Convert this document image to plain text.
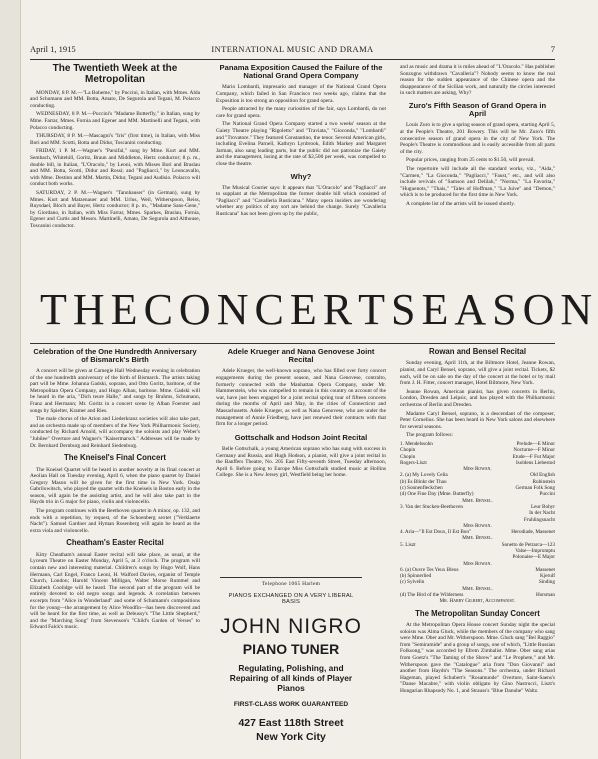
April 1, 1915	INTERNATIONAL MUSIC AND DRAMA	7
The Twentieth Week at the Metropolitan

MONDAY, 8 P. M.—"La Boheme," by Puccini, in Italian, with Mmes. Alda and Schumann and MM. Botta, Amato, De Segurola and Tegani, M. Polacco conducting.

WEDNESDAY, 8 P. M.—Puccini's "Madame Butterfly," in Italian, sung by Mme. Farrar, Mmes. Fornia and Egener and MM. Martinelli and Tegani, with Polacco conducting.

THURSDAY, 8 P. M.—Mascagni's "Iris" (first time), in Italian, with Miss Bori and MM. Scotti, Botta and Didur, Toscanini conducting.

FRIDAY, 1 P. M.—Wagner's "Parsifal," sung by Mme. Kurt and MM. Sembach, Whitehill, Goritz, Braun and Middleton, Hertz conductor; 8 p. m., double bill, in Italian, "L'Oracolo," by Leoni, with Misses Bori and Braslau and MM. Botta, Scotti, Didur and Rossi; and "Pagliacci," by Leoncavallo, with Mme. Destinn and MM. Martin, Didur, Tegani and Audisio. Polacco will conduct both works.

SATURDAY, 2 P. M.—Wagner's "Tannhauser" (in German), sung by Mmes. Kurt and Matzenauer and MM. Urlus, Weil, Witherspoon, Reiss, Ruysdael, Bloch and Bayer, Hertz conductor; 8 p. m., "Madame Sans-Gene," by Giordano, in Italian, with Miss Farrar, Mmes. Sparkes, Braslau, Fornia, Egener and Curtis and Messrs. Martinelli, Amato, De Segurola and Althouse, Toscanini conductor.

Panama Exposition Caused the Failure of the National Grand Opera Company

Mario Lombardi, impresario and manager of the National Grand Opera Company, which failed in San Francisco two weeks ago, claims that the Exposition is too strong an opposition for grand opera.

People attracted by the many curiosities of the fair, says Lombardi, do not care for grand opera.

The National Grand Opera Company started a two weeks' season at the Gaiety Theatre playing "Rigoletto" and "Traviata," "Gioconda," "Lombardi" and "Trovatore." They featured Constantino, the tenor. Several American girls, including Evelina Parnell, Kathryn Lynbrook, Edith Markey and Margaret Jarman, also sang leading parts, but the public did not patronize the Gaiety and the management, losing at the rate of $2,500 per week, was compelled to close the theatre.

Why?

The Musical Courier says: It appears that "L'Oracolo" and "Pagliacci" are to supplant at the Metropolitan the former double bill which consisted of "Pagliacci" and "Cavalleria Rusticana." Many opera insiders are wondering whether any politics of any sort are behind the change. Surely "Cavalleria Rusticana" has not been given up by the public,

and as music and drama it is miles ahead of "L'Oracolo." Has publisher Sonzogno withdrawn "Cavalleria"? Nobody seems to know the real reason for the sudden appearance of the Chinese opera and the disappearance of the Sicilian work, and naturally the circles interested in such matters are asking, Why?

Zuro's Fifth Season of Grand Opera in April

Louis Zuro is to give a spring season of grand opera, starting April 5, at the People's Theatre, 201 Bowery. This will be Mr. Zuro's fifth consecutive season of grand opera in the city of New York. The People's Theatre is commodious and is easily accessible from all parts of the city.

Popular prices, ranging from 25 cents to $1.50, will prevail.

The repertoire will include all the standard works, viz., "Aida," "Carmen," "La Gioconda," "Pagliacci," "Faust," etc., and will also include revivals of "Samson and Delilah," "Norma," "La Favorita," "Huguenots," "Thais," "Tales of Hoffman," "La Juive" and "Demon," which is to be produced for the first time in New York.

A complete list of the artists will be issued shortly.

T H E C O N C E R T S E A S O N
Celebration of the One Hundredth Anniversary of Bismarck's Birth

A concert will be given at Carnegie Hall Wednesday evening in celebration of the one hundredth anniversary of the birth of Bismarck. The artists taking part will be Mme. Johanna Gadski, soprano, and Otto Goritz, baritone, of the Metropolitan Opera Company, and Hugo Alban, baritone. Mme. Gadski will be heard in the aria, "Dich teure Halle," and songs by Brahms, Schumann, Franz and Hermann; Mr. Goritz in a concert scene by Alban Foerster and songs by Spielter, Kramer and Ries.

The male chorus of the Arion and Liederkranz societies will also take part, and an orchestra made up of members of the New York Philharmonic Society, conducted by Richard Arnold, will accompany the soloists and play Weber's "Jubilee" Overture and Wagner's "Kaisermarsch." Addresses will be made by Dr. Bernhard Dernburg and Reinhard Siedenburg.

The Kneisel's Final Concert

The Kneisel Quartet will be heard in another novelty at its final concert at Aeolian Hall on Tuesday evening, April 6, when the piano quartet by Daniel Gregory Mason will be given for the first time in New York. Ossip Gabrilowitsch, who played the quartet with the Kneisels in Boston early in the season, will again be the assisting artist, and he will also take part in the Haydn trio in G major for piano, violin and violoncello.

The program continues with the Beethoven quartet in A minor, op. 132, and ends with a repetition, by request, of the Schoenberg sextet ("Verklaerte Nacht"). Samuel Gardner and Hyman Rosenberg will again be heard as the extra viola and violoncello.

Cheatham's Easter Recital

Kitty Cheatham's annual Easter recital will take place, as usual, at the Lyceum Theatre on Easter Monday, April 5, at 3 o'clock. The program will contain new and interesting material. Children's songs by Hugo Wolf, Hans Hermann, Carl Engel, Franco Leoni, H. Walford Davies, organist of Temple Church, London; Harold Vincent Milligan, Walter Morse Rummel and Elizabeth Coolidge will be heard. The second part of the program will be entirely devoted to old negro songs and legends. A correlation between excerpts from "Alice in Wonderland" and some of Schumann's compositions for the young—the arrangement by Alice Woodfin—has been discovered and will be heard for the first time, as well as Debussy's "The Little Shepherd," and the "Marching Song" from Stevenson's "Child's Garden of Verses" to Edward Falck's music.

Adele Krueger and Nana Genovese Joint Recital

Adele Krueger, the well-known soprano, who has filled over forty concert engagements during the present season, and Nana Genovese, contralto, formerly connected with the Manhattan Opera Company, under Mr. Hammerstein, who was compelled to remain in this country on account of the war, have just been engaged for a joint recital spring tour of fifteen concerts during the months of April and May, in the cities of Connecticut and Massachusetts. Adele Krueger, as well as Nana Genovese, who are under the management of Annie Friedberg, have just renewed their contracts with that firm for a longer period.

Gottschalk and Hodson Joint Recital

Belle Gottschalk, a young American soprano who has sung with success in Germany and Russia, and Hugh Hodson, a pianist, will give a joint recital in the Banffers Theatre, No. 205 East Fifty-seventh Street, Tuesday afternoon, April 6. Before going to Europe Miss Gottschalk studied music at Hollins College. She is a New Jersey girl, Westfield being her home.

Telephone 1065 Harlem
PIANOS EXCHANGED ON A VERY LIBERAL BASIS
JOHN NIGRO
PIANO TUNER
Regulating, Polishing, and Repairing of all kinds of Player Pianos
FIRST-CLASS WORK GUARANTEED
427 East 118th Street
New York City
Rowan and Bensel Recital

Sunday evening, April 11th, at the Biltmore Hotel, Jeanne Rowan, pianist, and Caryl Bensel, soprano, will give a joint recital. Tickets, $2 each, will be on sale on the day of the concert at the hotel or by mail from J. H. Fitter, concert manager, Hotel Biltmore, New York.

Jeanne Rowan, American pianist, has given concerts in Berlin, London, Dresden and Leipsic, and has played with the Philharmonic orchestras of Berlin and Dresden.

Madame Caryl Bensel, soprano, is a descendant of the composer, Peter Cornelius. She has been heard in New York salons and elsewhere for several seasons.

The program follows:

1. Mendelssohn	Prelude—E Minor
Chopin	Nocturne—F Minor
Chopin	Etude—F Fut Major
Rogers-Liszt	Isoldens Liebestod
Miss Rowan.
2. (a) My Lovely Celia	Old English
(b) Es Blinkt der Thau	Rubinstein
(c) Sonnenfleckchen	German Folk Song
(d) One Fine Day (Mme. Butterfly)	Puccini
Mme. Bensel.
3. Van der Stucken-Beethoven	Leur Bohyr
In der Nacht
Fruhlingsnacht
Miss Rowan.
4. Aria—"Il Est Doux, Il Est Bon"	Herodiade, Massenet
Mme. Bensel.
5. Liszt	Sonetto de Petrarca—123
Valse—Impromptu
Polonaise—E Major
Miss Rowan.
6. (a) Ouvre Tes Yeux Bleus	Massenet
(b) Spinnerlied	Kjerulf
(c) Sylvelin	Sinding
Mme. Bensel.
(d) The Bird of the Wilderness	Horsman
Mr. Harry Gilbert, Accompanist.
The Metropolitan Sunday Concert

At the Metropolitan Opera House concert Sunday night the special soloists was Alma Gluck, while the members of the company who sang were Mme. Ober and Mr. Witherspoon. Mme. Gluck sang "Bel Raggio" from "Semiramide" and a group of songs, one of which, "Little Russian Folksong," was accorded by Efrem Zimbalist. Mme. Ober sang arias from Goetz's "The Taming of the Shrew" and "Le Prophete," and Mr. Witherspoon gave the "Catalogue" aria from "Don Giovanni" and another from Haydn's "The Seasons." The orchestra, under Richard Hageman, played Schubert's "Rosamunde" Overture, Saint-Saens's "Danse Macabre," with violin obligato by Gino Nastrucci, Liszt's Hungarian Rhapsody No. 1, and Strauss's "Blue Danube" Waltz.
